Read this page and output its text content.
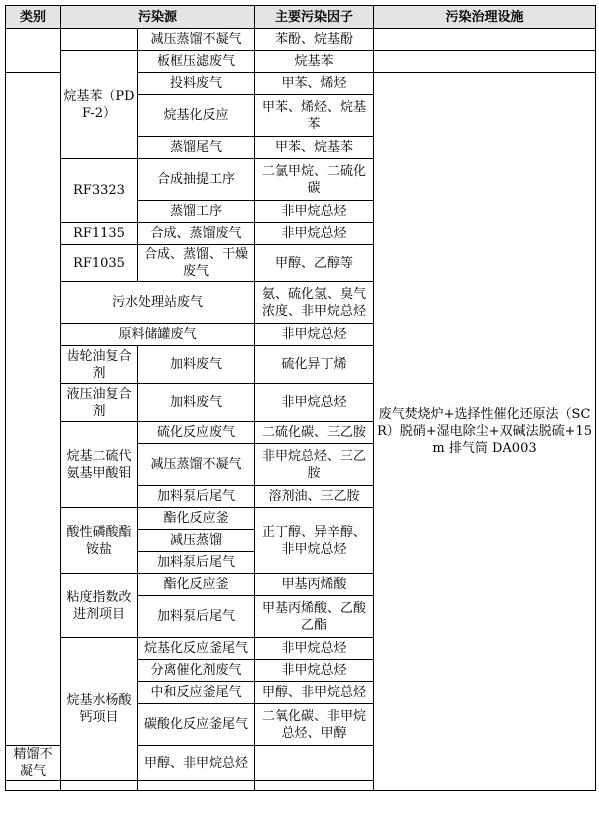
类别	污染源		主要污染因子	污染治理设施	
		减压蒸馏不凝气	苯酚、烷基酚		
	烷基苯（PDF-2）	板框压滤废气	烷基苯		
		投料废气	甲苯、烯烃	废气焚烧炉+选择性催化还原法（SCR）脱硝+湿电除尘+双碱法脱硫+15m 排气筒 DA003	
		烷基化反应	甲苯、烯烃、烷基苯		
		蒸馏尾气	甲苯、烷基苯		
	RF3323	合成抽提工序	二氯甲烷、二硫化碳		
		蒸馏工序	非甲烷总烃		
	RF1135	合成、蒸馏废气	非甲烷总烃		
	RF1035	合成、蒸馏、干燥废气	甲醇、乙醇等		
	污水处理站废气		氨、硫化氢、臭气浓度、非甲烷总烃		
	原料储罐废气		非甲烷总烃		
	齿轮油复合剂	加料废气	硫化异丁烯		
	液压油复合剂	加料废气	非甲烷总烃		
	烷基二硫代氨基甲酸钼	硫化反应废气	二硫化碳、三乙胺		
		减压蒸馏不凝气	非甲烷总烃、三乙胺		
		加料泵后尾气	溶剂油、三乙胺		
	酸性磷酸酯铵盐	酯化反应釜	正丁醇、异辛醇、非甲烷总烃		
		减压蒸馏			
		加料泵后尾气			
	粘度指数改进剂项目	酯化反应釜	甲基丙烯酸		
		加料泵后尾气	甲基丙烯酸、乙酸乙酯		
	烷基水杨酸钙项目	烷基化反应釜尾气	非甲烷总烃		
		分离催化剂废气	非甲烷总烃		
		中和反应釜尾气	甲醇、非甲烷总烃		
		碳酸化反应釜尾气	二氧化碳、非甲烷总烃、甲醇		
精馏不凝气		甲醇、非甲烷总烃			
